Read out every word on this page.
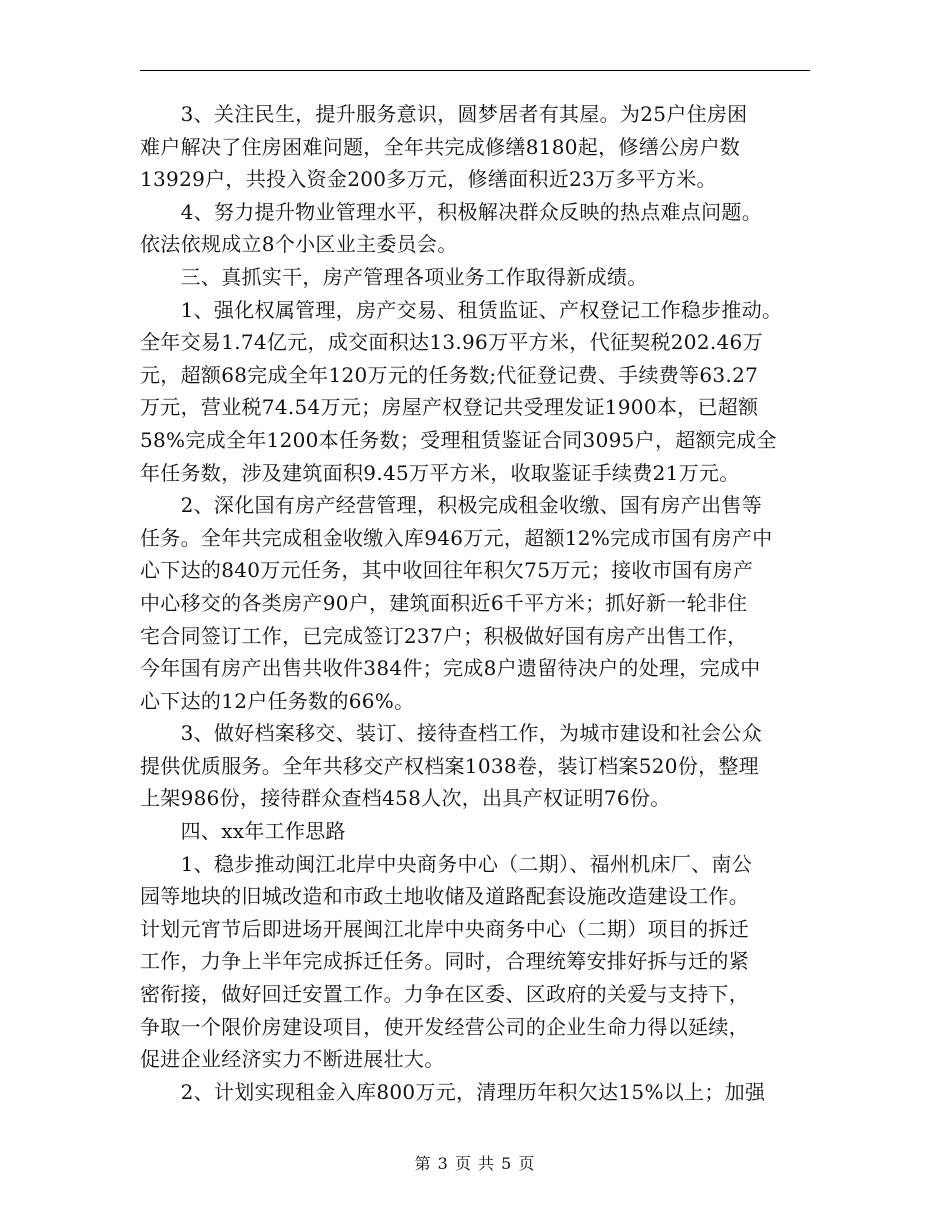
　　3、关注民生，提升服务意识，圆梦居者有其屋。为25户住房困
难户解决了住房困难问题，全年共完成修缮8180起，修缮公房户数
13929户，共投入资金200多万元，修缮面积近23万多平方米。
　　4、努力提升物业管理水平，积极解决群众反映的热点难点问题。
依法依规成立8个小区业主委员会。
　　三、真抓实干，房产管理各项业务工作取得新成绩。
　　1、强化权属管理，房产交易、租赁监证、产权登记工作稳步推动。
全年交易1.74亿元，成交面积达13.96万平方米，代征契税202.46万
元，超额68完成全年120万元的任务数;代征登记费、手续费等63.27
万元，营业税74.54万元；房屋产权登记共受理发证1900本，已超额
58%完成全年1200本任务数；受理租赁鉴证合同3095户，超额完成全
年任务数，涉及建筑面积9.45万平方米，收取鉴证手续费21万元。
　　2、深化国有房产经营管理，积极完成租金收缴、国有房产出售等
任务。全年共完成租金收缴入库946万元，超额12%完成市国有房产中
心下达的840万元任务，其中收回往年积欠75万元；接收市国有房产
中心移交的各类房产90户，建筑面积近6千平方米；抓好新一轮非住
宅合同签订工作，已完成签订237户；积极做好国有房产出售工作，
今年国有房产出售共收件384件；完成8户遗留待决户的处理，完成中
心下达的12户任务数的66%。
　　3、做好档案移交、装订、接待查档工作，为城市建设和社会公众
提供优质服务。全年共移交产权档案1038卷，装订档案520份，整理
上架986份，接待群众查档458人次，出具产权证明76份。
　　四、xx年工作思路
　　1、稳步推动闽江北岸中央商务中心（二期）、福州机床厂、南公
园等地块的旧城改造和市政土地收储及道路配套设施改造建设工作。
计划元宵节后即进场开展闽江北岸中央商务中心（二期）项目的拆迁
工作，力争上半年完成拆迁任务。同时，合理统筹安排好拆与迁的紧
密衔接，做好回迁安置工作。力争在区委、区政府的关爱与支持下，
争取一个限价房建设项目，使开发经营公司的企业生命力得以延续，
促进企业经济实力不断进展壮大。
　　2、计划实现租金入库800万元，清理历年积欠达15%以上；加强
第 3 页 共 5 页
